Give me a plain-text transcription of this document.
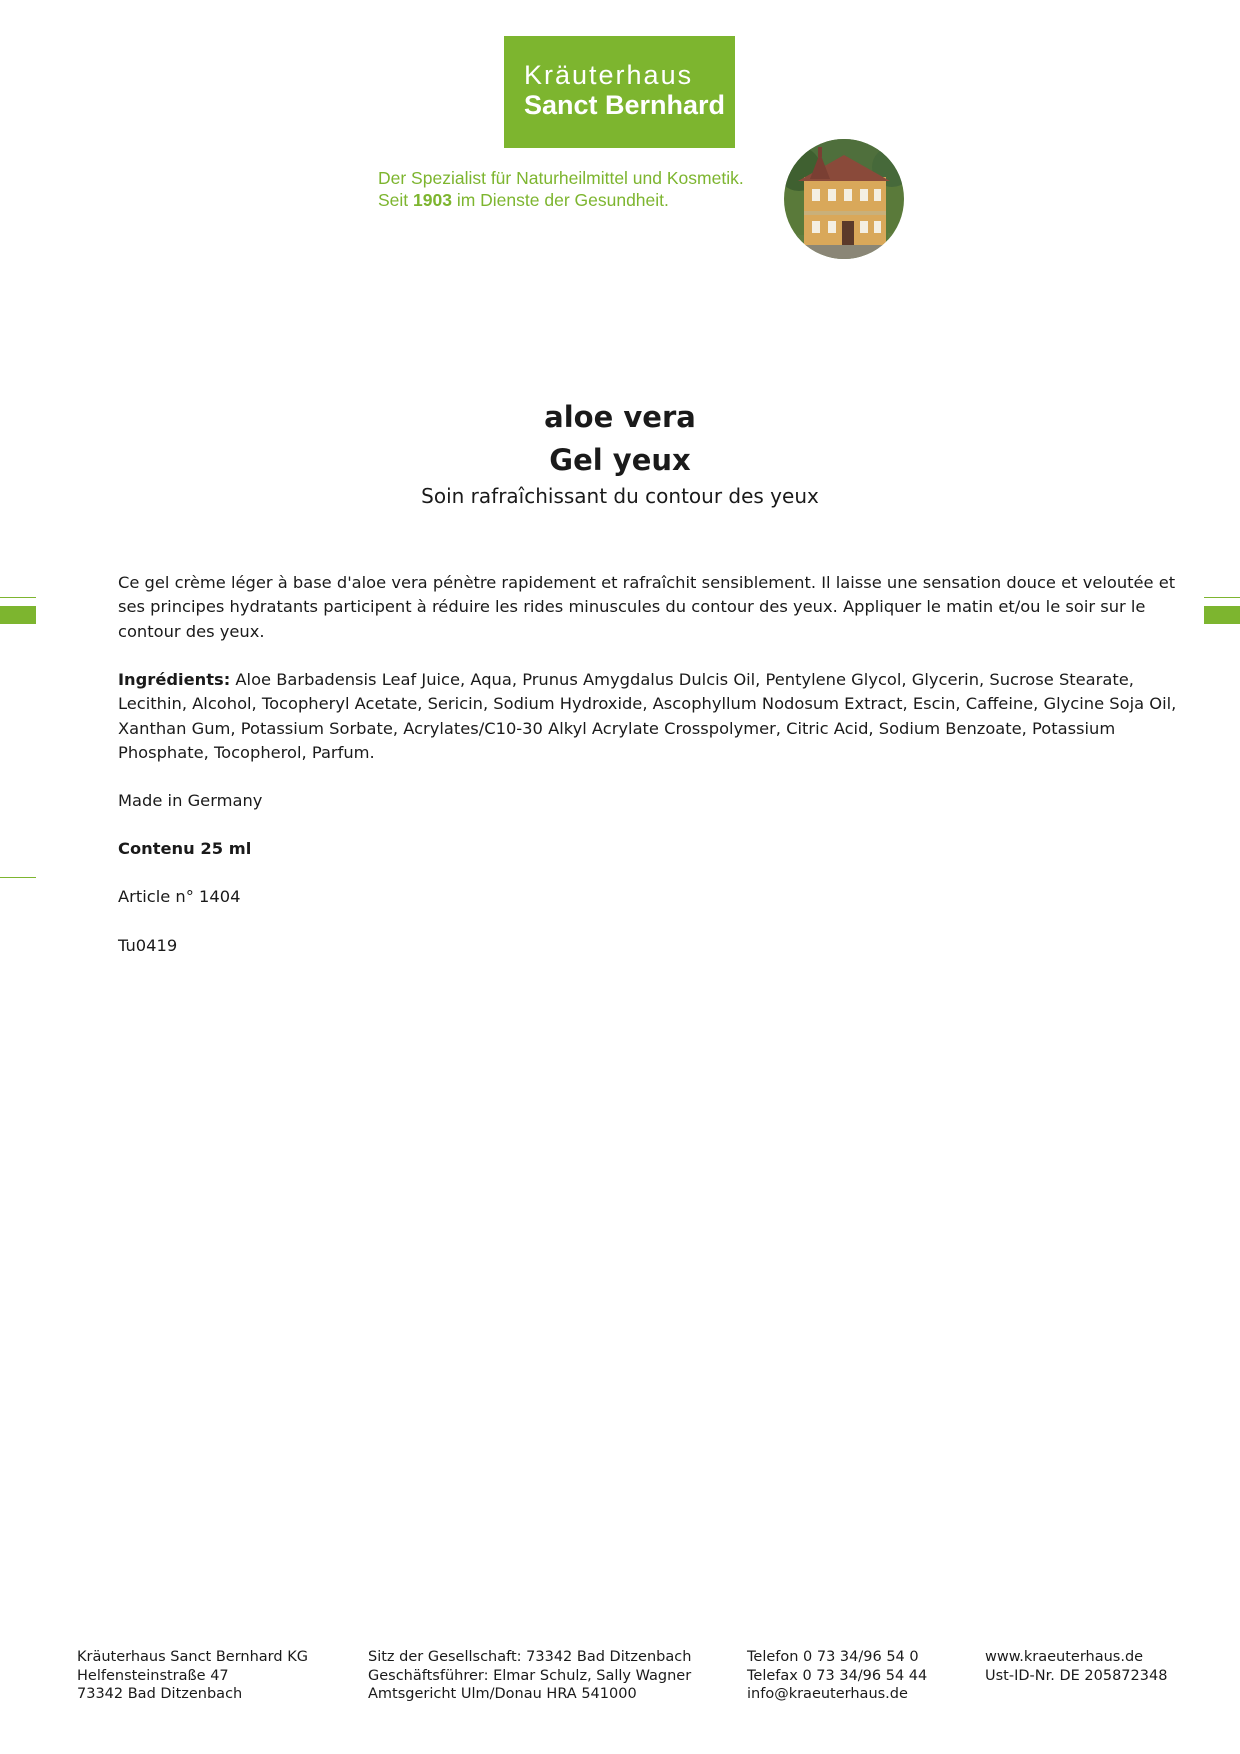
Kräuterhaus
Sanct Bernhard
Der Spezialist für Naturheilmittel und Kosmetik.
Seit 1903 im Dienste der Gesundheit.
aloe vera
Gel yeux
Soin rafraîchissant du contour des yeux
Ce gel crème léger à base d'aloe vera pénètre rapidement et rafraîchit sensiblement. Il laisse une sensation douce et veloutée et ses principes hydratants participent à réduire les rides minuscules du contour des yeux. Appliquer le matin et/ou le soir sur le contour des yeux.
Ingrédients: Aloe Barbadensis Leaf Juice, Aqua, Prunus Amygdalus Dulcis Oil, Pentylene Glycol, Glycerin, Sucrose Stearate, Lecithin, Alcohol, Tocopheryl Acetate, Sericin, Sodium Hydroxide, Ascophyllum Nodosum Extract, Escin, Caffeine, Glycine Soja Oil, Xanthan Gum, Potassium Sorbate, Acrylates/C10-30 Alkyl Acrylate Crosspolymer, Citric Acid, Sodium Benzoate, Potassium Phosphate, Tocopherol, Parfum.
Made in Germany
Contenu 25 ml
Article n° 1404
Tu0419
Kräuterhaus Sanct Bernhard KG
Helfensteinstraße 47
73342 Bad Ditzenbach
Sitz der Gesellschaft: 73342 Bad Ditzenbach
Geschäftsführer: Elmar Schulz, Sally Wagner
Amtsgericht Ulm/Donau HRA 541000
Telefon 0 73 34/96 54 0
Telefax 0 73 34/96 54 44
info@kraeuterhaus.de
www.kraeuterhaus.de
Ust-ID-Nr. DE 205872348
